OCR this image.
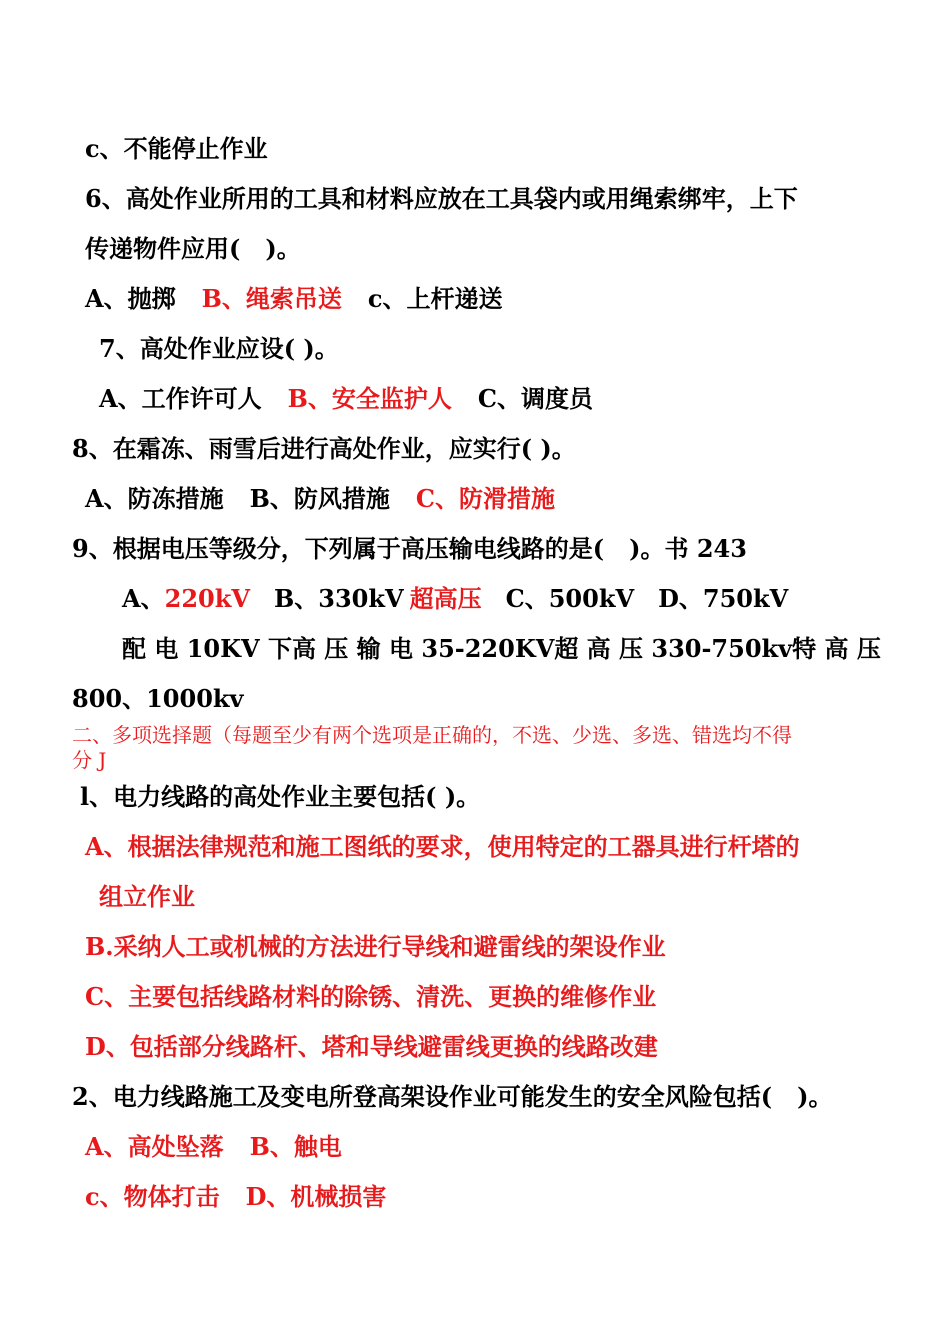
c、不能停止作业
6、高处作业所用的工具和材料应放在工具袋内或用绳索绑牢，上下
传递物件应用(   )。
A、抛掷 B、绳索吊送 c、上杆递送
7、高处作业应设( )。
A、工作许可人 B、安全监护人 C、调度员
8、在霜冻、雨雪后进行高处作业，应实行( )。
A、防冻措施 B、防风措施 C、防滑措施
9、根据电压等级分，下列属于高压输电线路的是(   )。书 243
A、220kV B、330kV 超高压 C、500kV D、750kV
配 电 10KV 下 高 压 输 电 35-220KV 超 高 压 330-750kv 特 高 压
800、1000kv
二、多项选择题（每题至少有两个选项是正确的，不选、少选、多选、错选均不得
分 J
l、电力线路的高处作业主要包括( )。
A、根据法律规范和施工图纸的要求，使用特定的工器具进行杆塔的
组立作业
B.采纳人工或机械的方法进行导线和避雷线的架设作业
C、主要包括线路材料的除锈、清洗、更换的维修作业
D、包括部分线路杆、塔和导线避雷线更换的线路改建
2、电力线路施工及变电所登高架设作业可能发生的安全风险包括(   )。
A、高处坠落 B、触电
c、物体打击 D、机械损害
